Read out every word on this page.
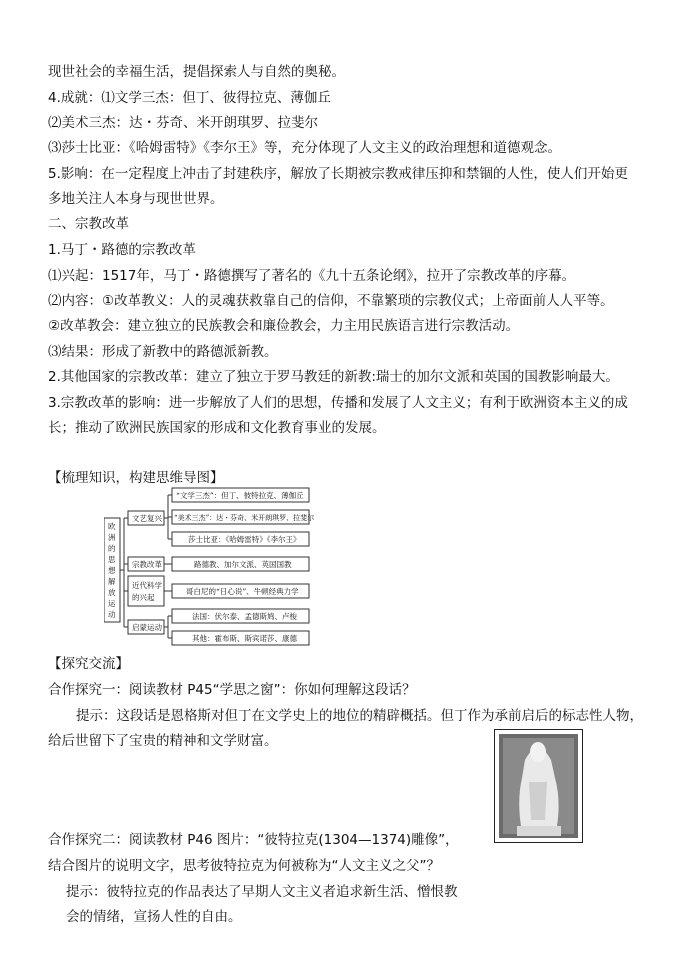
现世社会的幸福生活，提倡探索人与自然的奥秘。
4.成就：⑴文学三杰：但丁、彼得拉克、薄伽丘
⑵美术三杰：达・芬奇、米开朗琪罗、拉斐尔
⑶莎士比亚：《哈姆雷特》《李尔王》等，充分体现了人文主义的政治理想和道德观念。
5.影响：在一定程度上冲击了封建秩序，解放了长期被宗教戒律压抑和禁锢的人性，使人们开始更
多地关注人本身与现世世界。
二、宗教改革
1.马丁・路德的宗教改革
⑴兴起：1517年，马丁・路德撰写了著名的《九十五条论纲》，拉开了宗教改革的序幕。
⑵内容：①改革教义：人的灵魂获救靠自己的信仰，不靠繁琐的宗教仪式；上帝面前人人平等。
②改革教会：建立独立的民族教会和廉俭教会，力主用民族语言进行宗教活动。
⑶结果：形成了新教中的路德派新教。
2.其他国家的宗教改革：建立了独立于罗马教廷的新教:瑞士的加尔文派和英国的国教影响最大。
3.宗教改革的影响：进一步解放了人们的思想，传播和发展了人文主义；有利于欧洲资本主义的成
长；推动了欧洲民族国家的形成和文化教育事业的发展。
【梳理知识，构建思维导图】
欧洲的思想解放运动
文艺复兴
宗教改革
近代科学
的兴起
启蒙运动
“文学三杰”：但丁、彼特拉克、薄伽丘
“美术三杰”：达・芬奇、米开朗琪罗、拉斐尔
莎士比亚：《哈姆雷特》《李尔王》
路德教、加尔文派、英国国教
哥白尼的“日心说”、牛顿经典力学
法国：伏尔泰、孟德斯鸠、卢梭
其他：霍布斯、斯宾诺莎、康德
【探究交流】
合作探究一：阅读教材 P45“学思之窗”：你如何理解这段话？
提示：这段话是恩格斯对但丁在文学史上的地位的精辟概括。但丁作为承前启后的标志性人物，
给后世留下了宝贵的精神和文学财富。
合作探究二：阅读教材 P46 图片：“彼特拉克(1304—1374)雕像”，
结合图片的说明文字，思考彼特拉克为何被称为“人文主义之父”？
提示：彼特拉克的作品表达了早期人文主义者追求新生活、憎恨教
会的情绪，宣扬人性的自由。
